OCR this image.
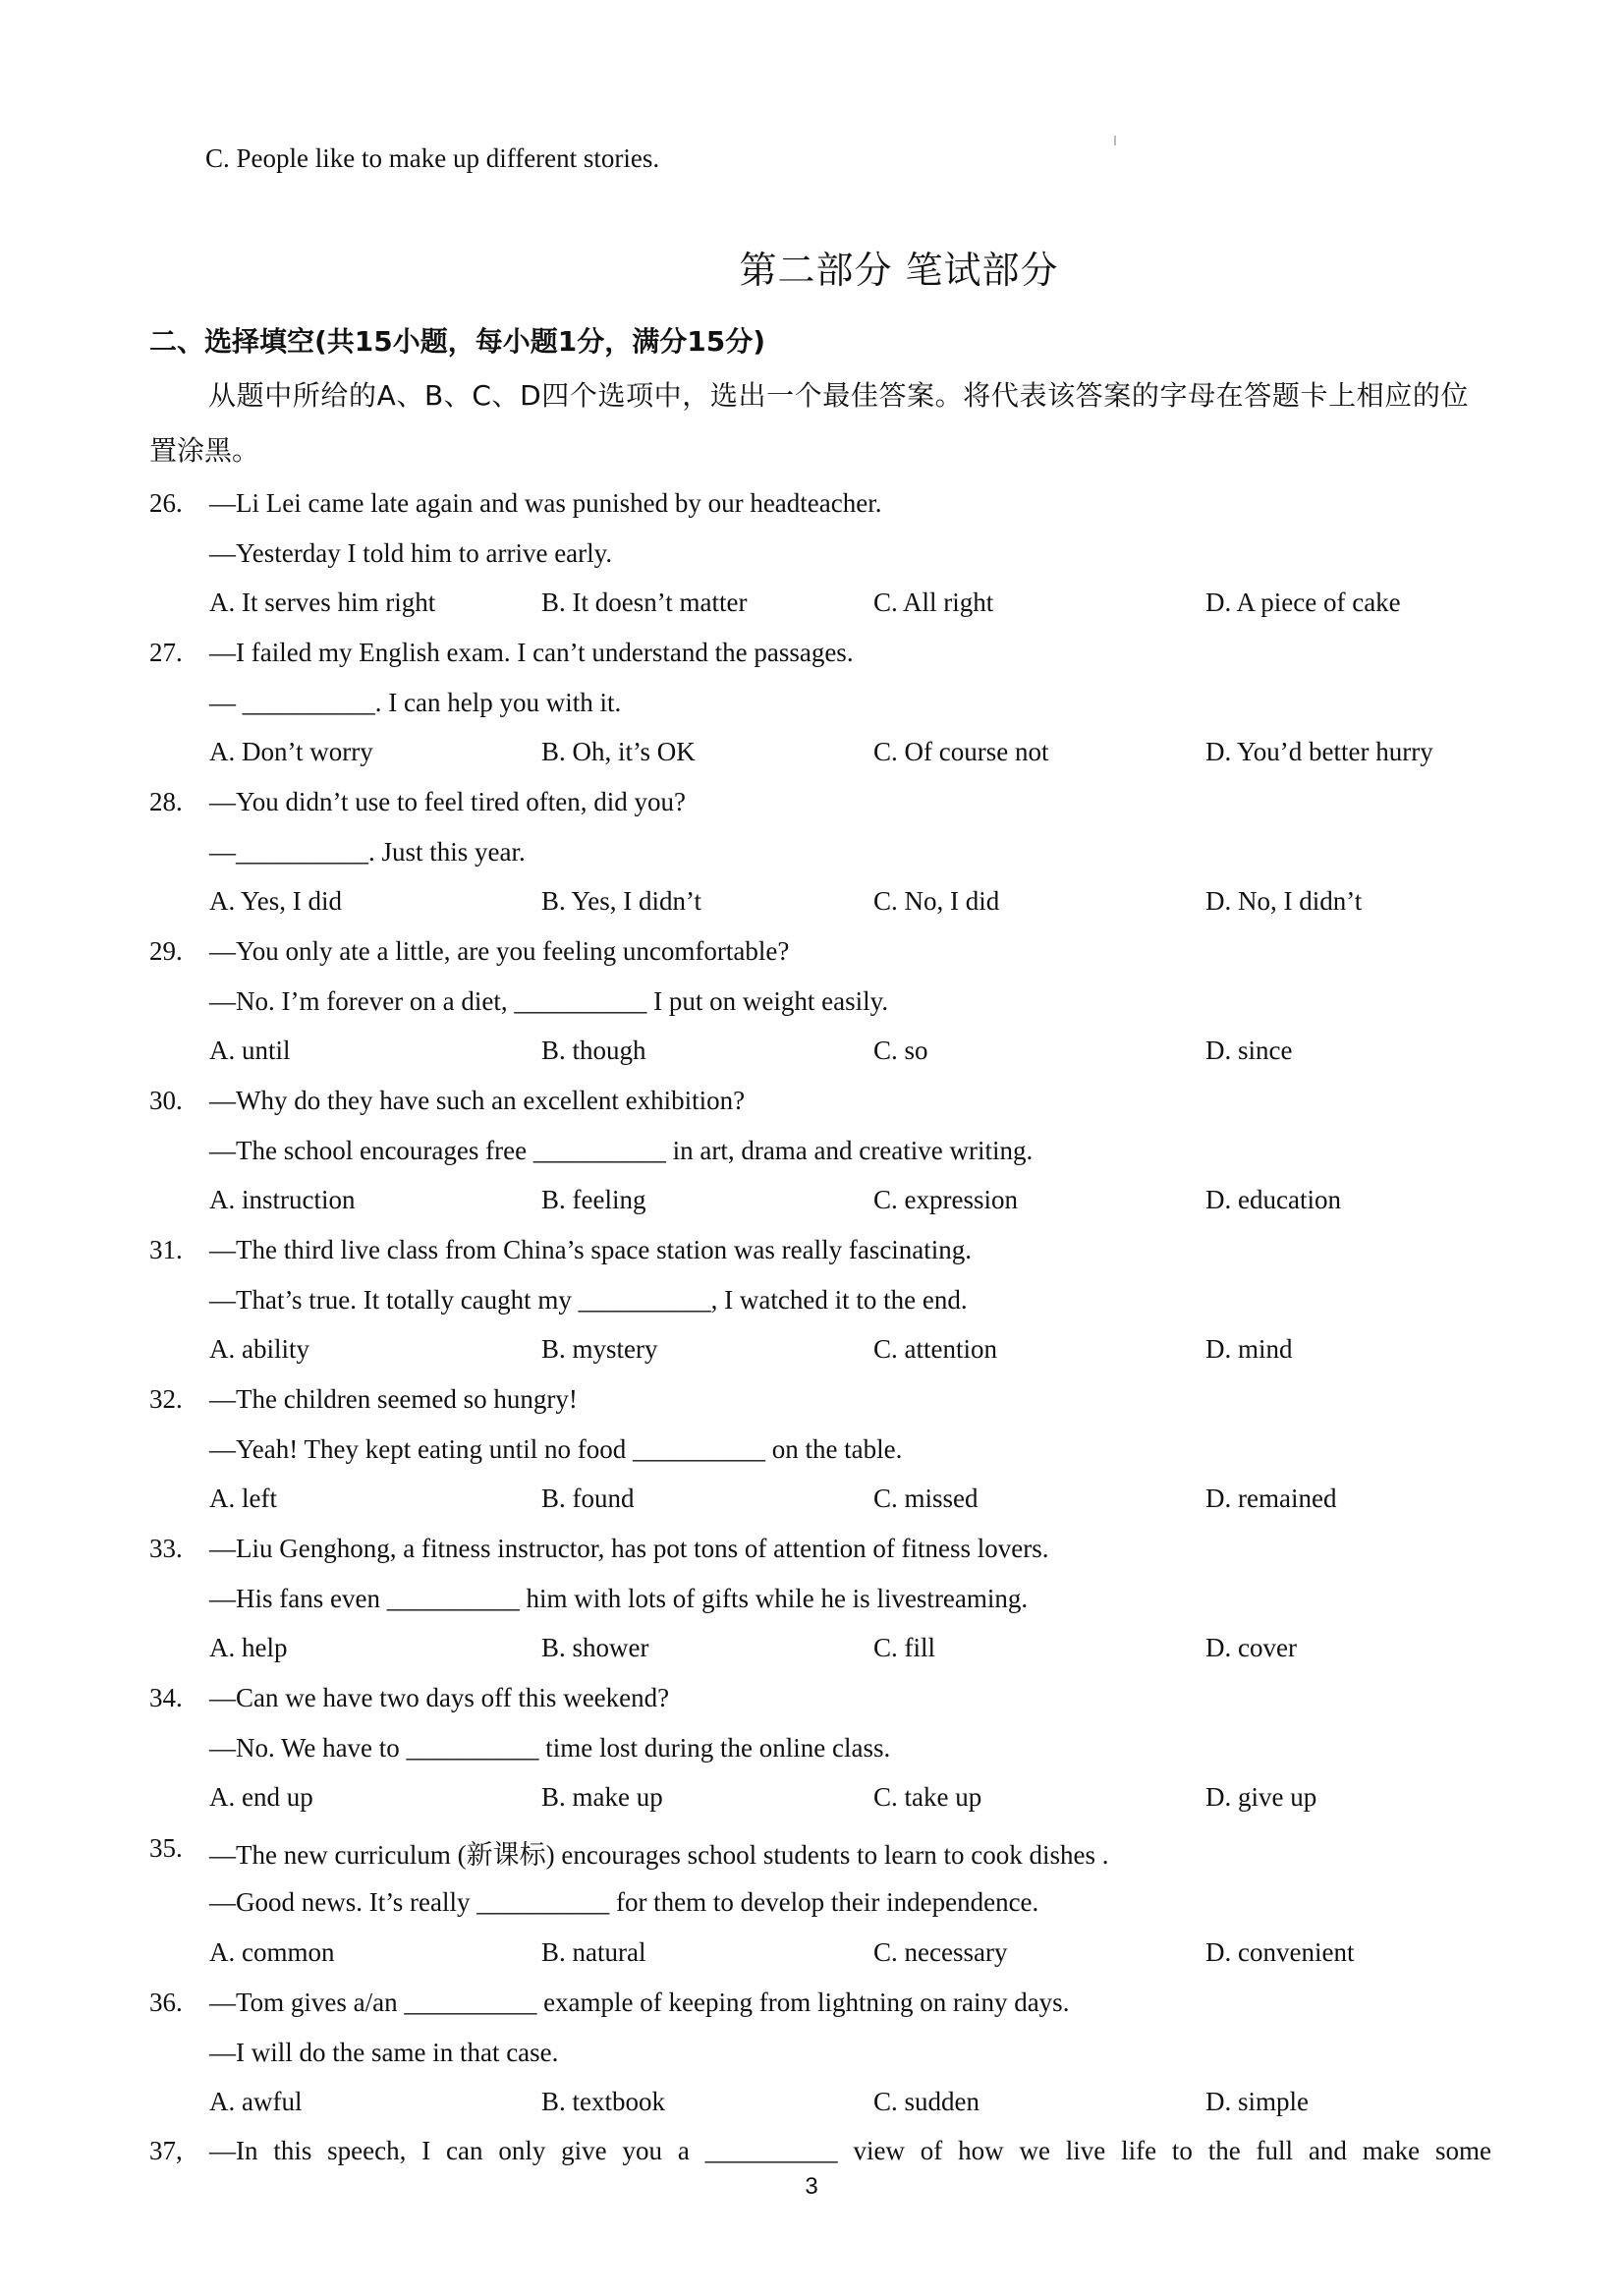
C. People like to make up different stories.
第二部分 笔试部分
二、选择填空(共15小题，每小题1分，满分15分)
从题中所给的A、B、C、D四个选项中，选出一个最佳答案。将代表该答案的字母在答题卡上相应的位
置涂黑。
26. —Li Lei came late again and was punished by our headteacher.
—Yesterday I told him to arrive early.
A. It serves him right	B. It doesn’t matter	C. All right	D. A piece of cake
27. —I failed my English exam. I can’t understand the passages.
— __________. I can help you with it.
A. Don’t worry	B. Oh, it’s OK	C. Of course not	D. You’d better hurry
28. —You didn’t use to feel tired often, did you?
—__________. Just this year.
A. Yes, I did	B. Yes, I didn’t	C. No, I did	D. No, I didn’t
29. —You only ate a little, are you feeling uncomfortable?
—No. I’m forever on a diet, __________ I put on weight easily.
A. until	B. though	C. so	D. since
30. —Why do they have such an excellent exhibition?
—The school encourages free __________ in art, drama and creative writing.
A. instruction	B. feeling	C. expression	D. education
31. —The third live class from China’s space station was really fascinating.
—That’s true. It totally caught my __________, I watched it to the end.
A. ability	B. mystery	C. attention	D. mind
32. —The children seemed so hungry!
—Yeah! They kept eating until no food __________ on the table.
A. left	B. found	C. missed	D. remained
33. —Liu Genghong, a fitness instructor, has pot tons of attention of fitness lovers.
—His fans even __________ him with lots of gifts while he is livestreaming.
A. help	B. shower	C. fill	D. cover
34. —Can we have two days off this weekend?
—No. We have to __________ time lost during the online class.
A. end up	B. make up	C. take up	D. give up
35. —The new curriculum (新课标) encourages school students to learn to cook dishes .
—Good news. It’s really __________ for them to develop their independence.
A. common	B. natural	C. necessary	D. convenient
36. —Tom gives a/an __________ example of keeping from lightning on rainy days.
—I will do the same in that case.
A. awful	B. textbook	C. sudden	D. simple
37, —In this speech, I can only give you a __________ view of how we live life to the full and make some
3
